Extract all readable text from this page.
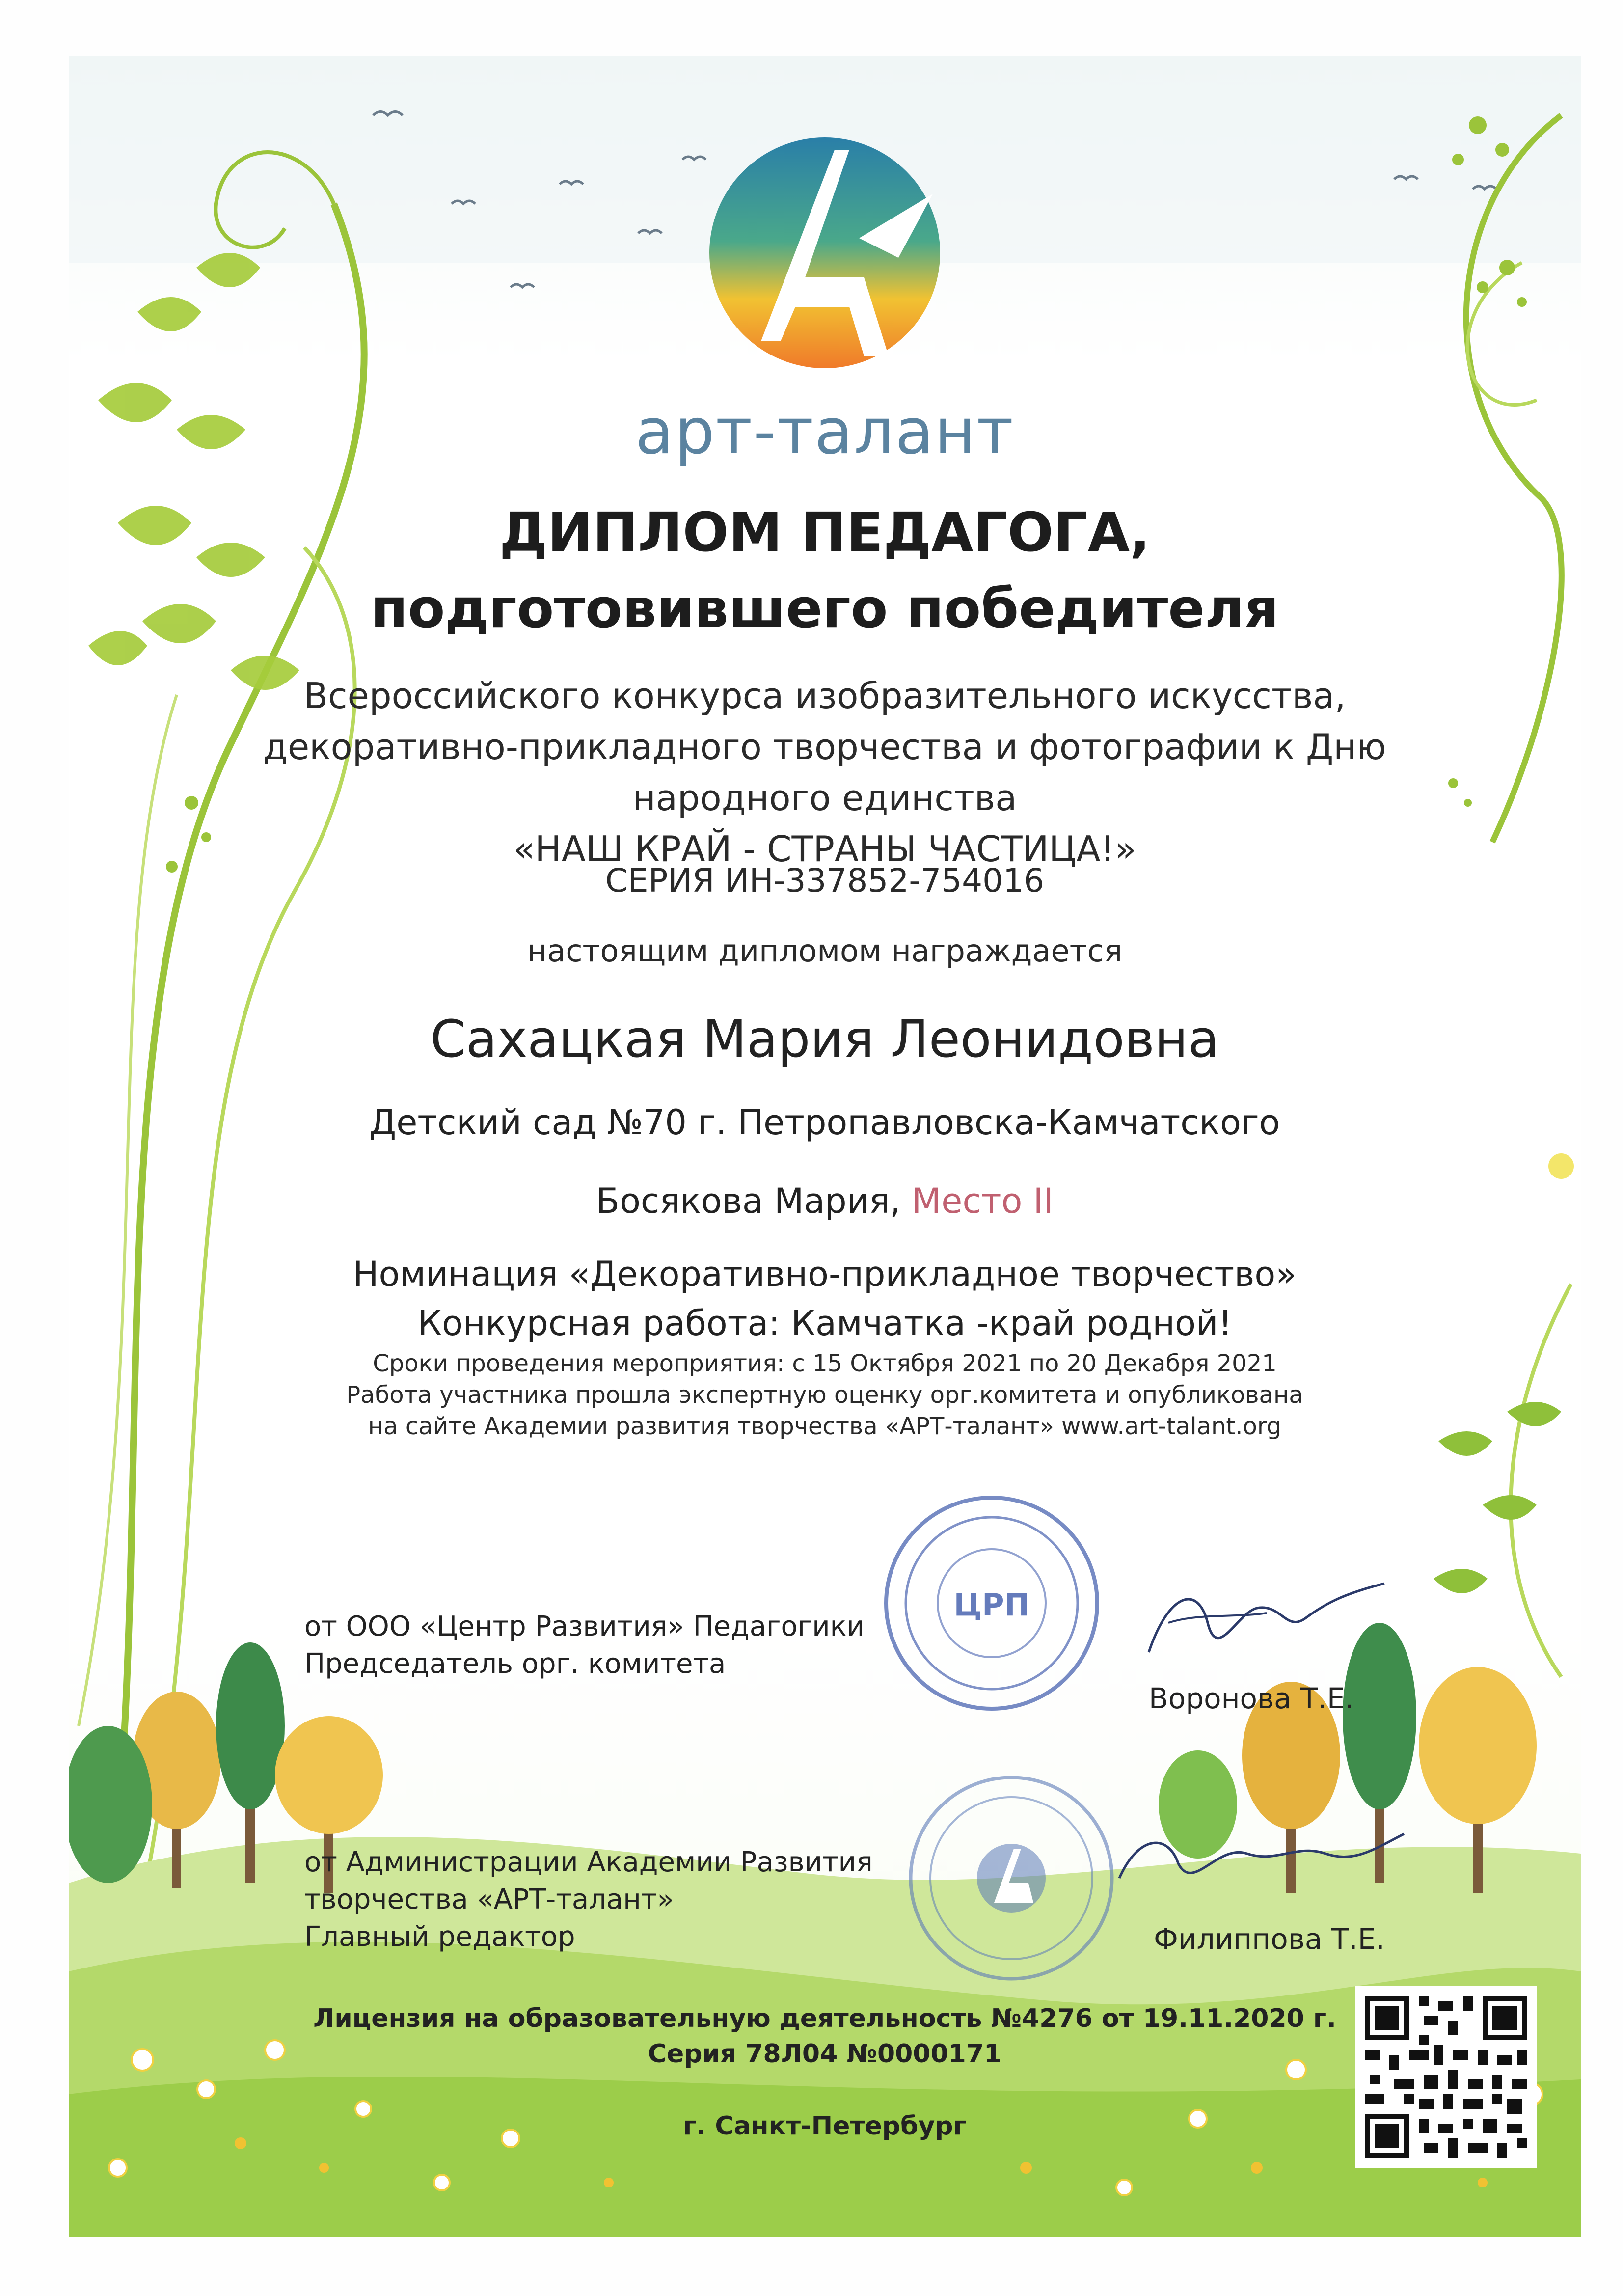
арт-талант
ДИПЛОМ ПЕДАГОГА,
подготовившего победителя
Всероссийского конкурса изобразительного искусства,
декоративно-прикладного творчества и фотографии к Дню
народного единства
«НАШ КРАЙ - СТРАНЫ ЧАСТИЦА!»
СЕРИЯ ИН-337852-754016
настоящим дипломом награждается
Сахацкая Мария Леонидовна
Детский сад №70 г. Петропавловска-Камчатского
Босякова Мария, Место II
Номинация «Декоративно-прикладное творчество»
Конкурсная работа: Камчатка -край родной!
Сроки проведения мероприятия: с 15 Октября 2021 по 20 Декабря 2021
Работа участника прошла экспертную оценку орг.комитета и опубликована
на сайте Академии развития творчества «АРТ-талант» www.art-talant.org
от ООО «Центр Развития» Педагогики
Председатель орг. комитета
ЦРП
Воронова Т.Е.
от Администрации Академии Развития
творчества «АРТ-талант»
Главный редактор	Филиппова Т.Е.
Лицензия на образовательную деятельность №4276 от 19.11.2020 г.
Серия 78Л04 №0000171
г. Санкт-Петербург
